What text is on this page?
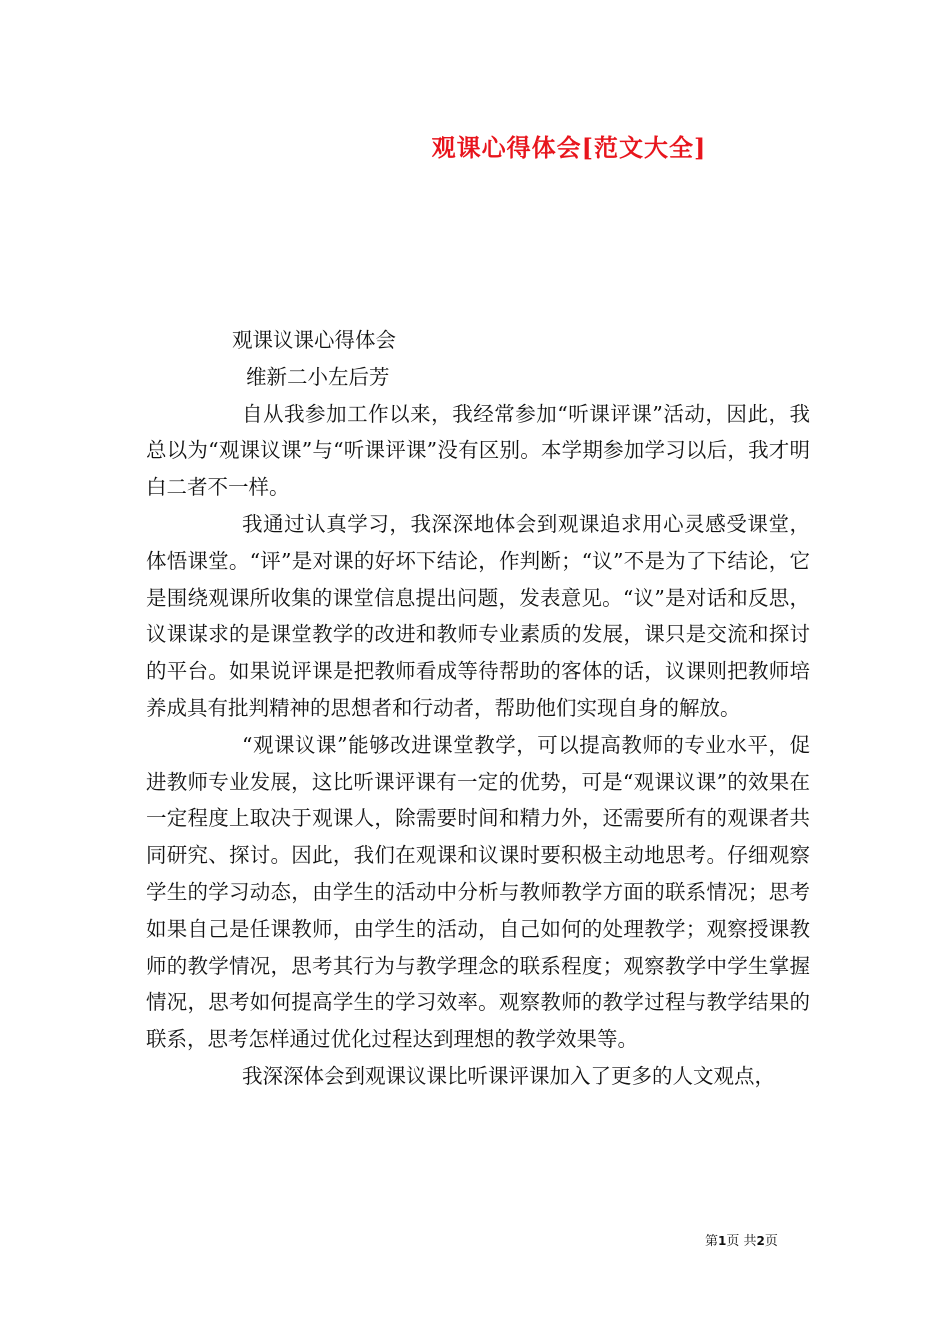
观课心得体会[范文大全]
观课议课心得体会
维新二小左后芳

自从我参加工作以来，我经常参加“听课评课”活动，因此，我总以为“观课议课”与“听课评课”没有区别。本学期参加学习以后，我才明白二者不一样。

我通过认真学习，我深深地体会到观课追求用心灵感受课堂，体悟课堂。“评”是对课的好坏下结论，作判断；“议”不是为了下结论，它是围绕观课所收集的课堂信息提出问题，发表意见。“议”是对话和反思，议课谋求的是课堂教学的改进和教师专业素质的发展，课只是交流和探讨的平台。如果说评课是把教师看成等待帮助的客体的话，议课则把教师培养成具有批判精神的思想者和行动者，帮助他们实现自身的解放。

“观课议课”能够改进课堂教学，可以提高教师的专业水平，促进教师专业发展，这比听课评课有一定的优势，可是“观课议课”的效果在一定程度上取决于观课人，除需要时间和精力外，还需要所有的观课者共同研究、探讨。因此，我们在观课和议课时要积极主动地思考。仔细观察学生的学习动态，由学生的活动中分析与教师教学方面的联系情况；思考如果自己是任课教师，由学生的活动，自己如何的处理教学；观察授课教师的教学情况，思考其行为与教学理念的联系程度；观察教学中学生掌握情况，思考如何提高学生的学习效率。观察教师的教学过程与教学结果的联系，思考怎样通过优化过程达到理想的教学效果等。

我深深体会到观课议课比听课评课加入了更多的人文观点，

第1页 共2页
